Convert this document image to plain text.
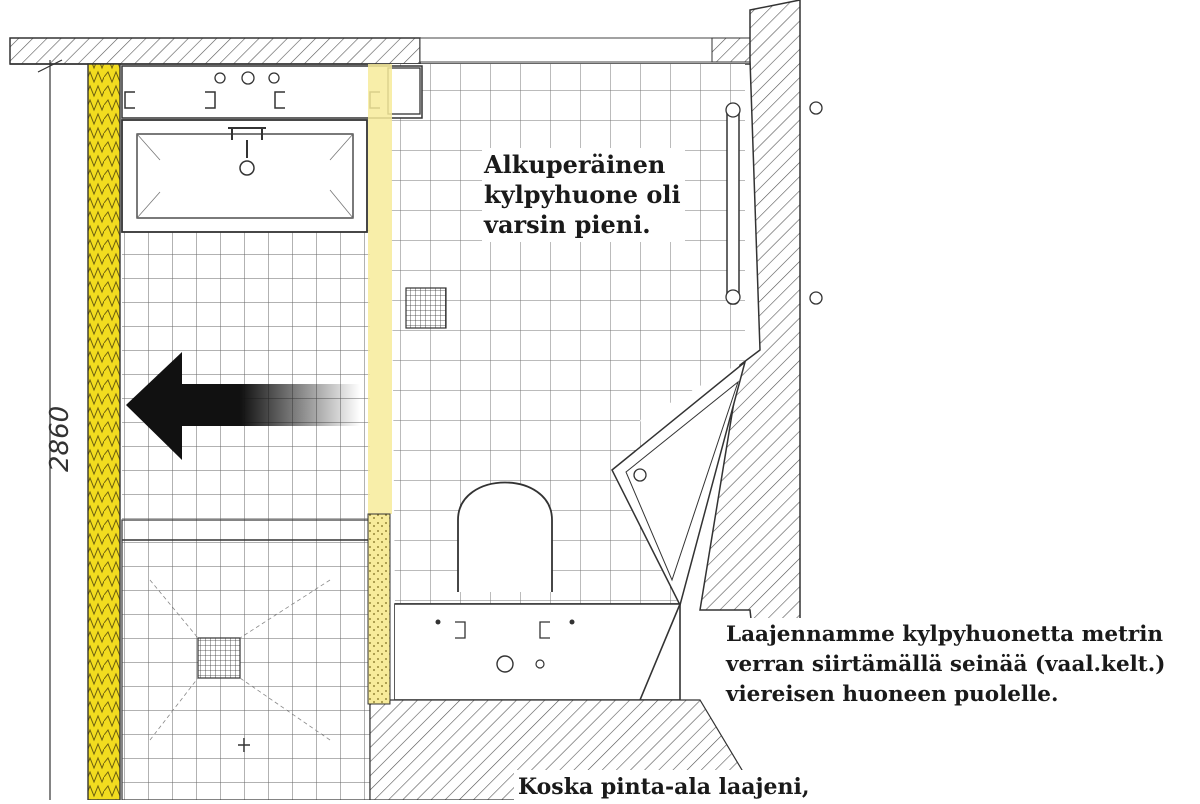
2860
Alkuperäinen
kylpyhuone oli
varsin pieni.
Laajennamme kylpyhuonetta metrin
verran siirtämällä seinää (vaal.kelt.)
viereisen huoneen puolelle.
Koska pinta-ala laajeni,
